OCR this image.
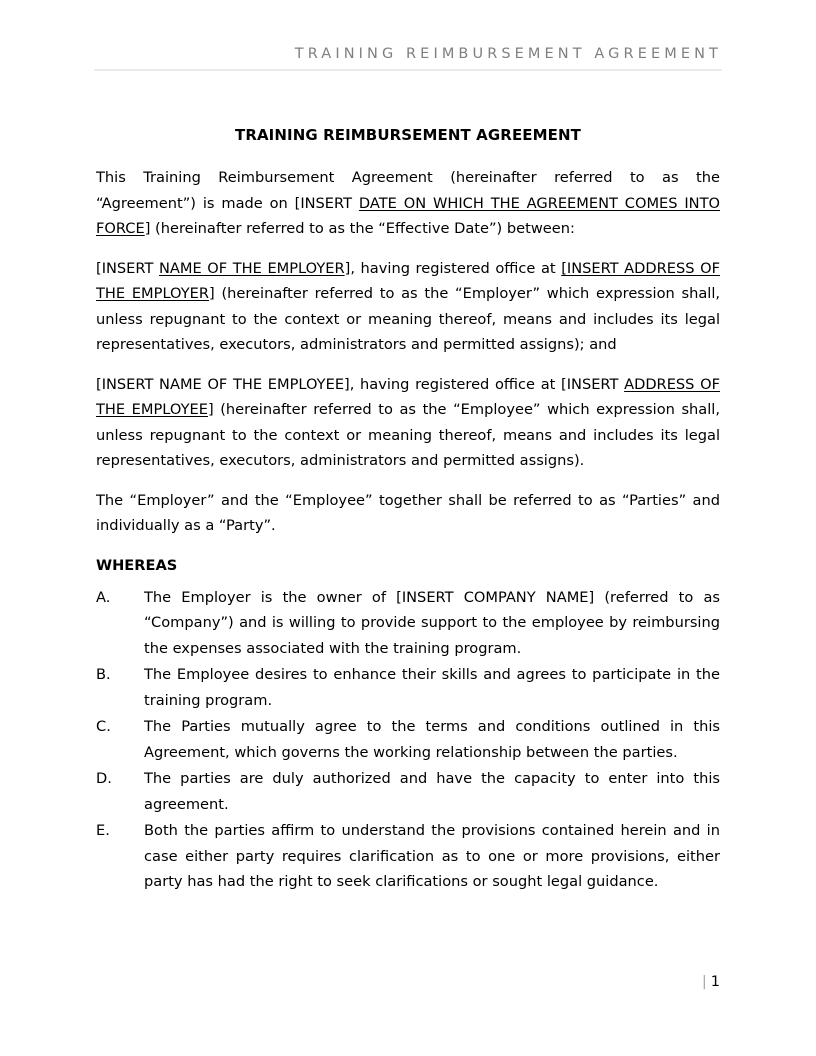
TRAINING REIMBURSEMENT AGREEMENT
TRAINING REIMBURSEMENT AGREEMENT

This Training Reimbursement Agreement (hereinafter referred to as the “Agreement”) is made on [INSERT DATE ON WHICH THE AGREEMENT COMES INTO FORCE] (hereinafter referred to as the “Effective Date”) between:

[INSERT NAME OF THE EMPLOYER], having registered office at [INSERT ADDRESS OF THE EMPLOYER] (hereinafter referred to as the “Employer” which expression shall, unless repugnant to the context or meaning thereof, means and includes its legal representatives, executors, administrators and permitted assigns); and

[INSERT NAME OF THE EMPLOYEE], having registered office at [INSERT ADDRESS OF THE EMPLOYEE] (hereinafter referred to as the “Employee” which expression shall, unless repugnant to the context or meaning thereof, means and includes its legal representatives, executors, administrators and permitted assigns).

The “Employer” and the “Employee” together shall be referred to as “Parties” and individually as a “Party”.

WHEREAS
A.	The Employer is the owner of [INSERT COMPANY NAME] (referred to as “Company”) and is willing to provide support to the employee by reimbursing the expenses associated with the training program.
B.	The Employee desires to enhance their skills and agrees to participate in the training program.
C.	The Parties mutually agree to the terms and conditions outlined in this Agreement, which governs the working relationship between the parties.
D.	The parties are duly authorized and have the capacity to enter into this agreement.
E.	Both the parties affirm to understand the provisions contained herein and in case either party requires clarification as to one or more provisions, either party has had the right to seek clarifications or sought legal guidance.
| 1
